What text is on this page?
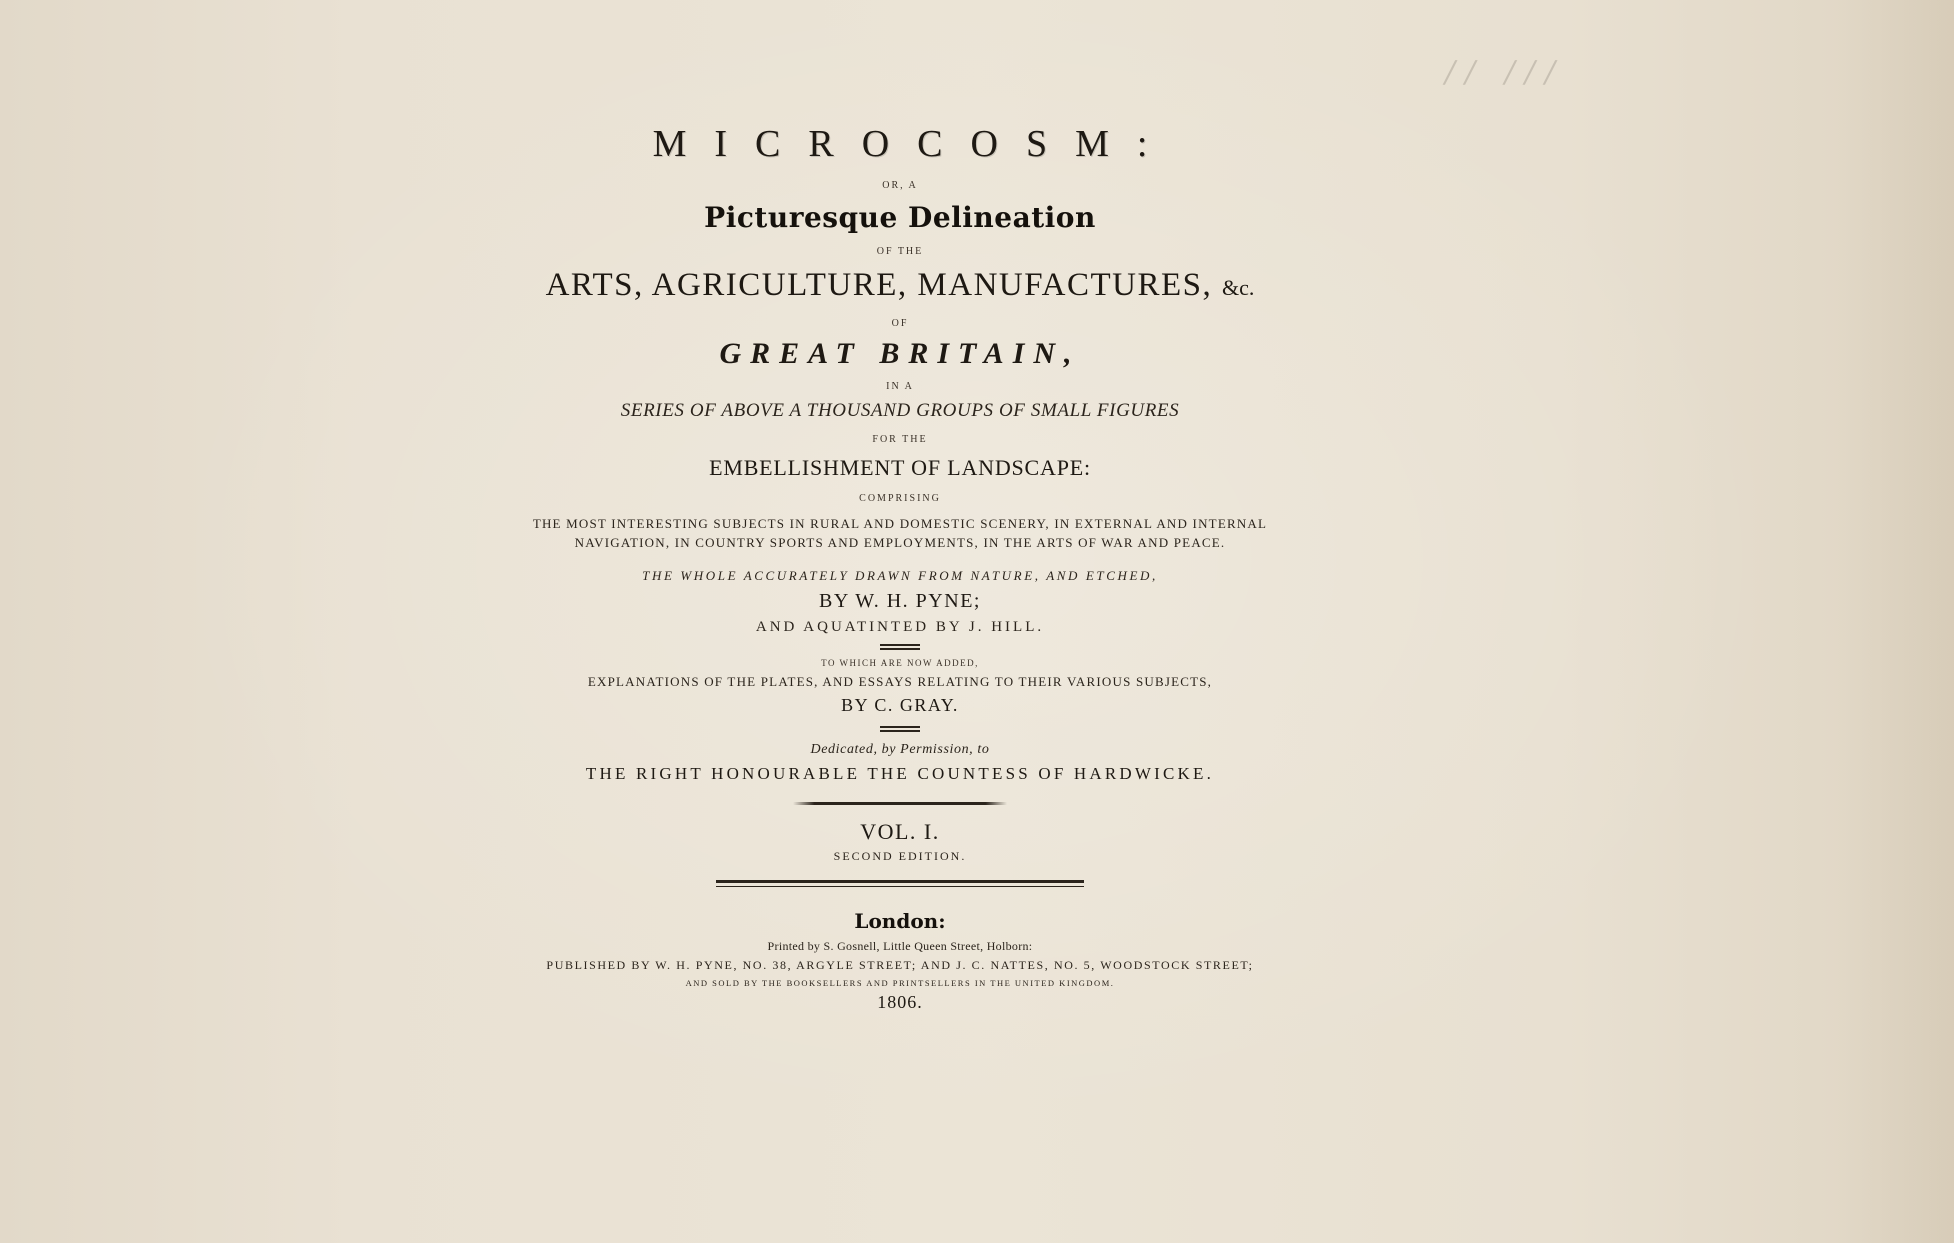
∕∕ ∕∕∕
MICROCOSM:
OR, A
Picturesque Delineation
OF THE
ARTS, AGRICULTURE, MANUFACTURES, &c.
OF
GREAT BRITAIN,
IN A
SERIES OF ABOVE A THOUSAND GROUPS OF SMALL FIGURES
FOR THE
EMBELLISHMENT OF LANDSCAPE:
COMPRISING
THE MOST INTERESTING SUBJECTS IN RURAL AND DOMESTIC SCENERY, IN EXTERNAL AND INTERNAL
NAVIGATION, IN COUNTRY SPORTS AND EMPLOYMENTS, IN THE ARTS OF WAR AND PEACE.
THE WHOLE ACCURATELY DRAWN FROM NATURE, AND ETCHED,
BY W. H. PYNE;
AND AQUATINTED BY J. HILL.
TO WHICH ARE NOW ADDED,
EXPLANATIONS OF THE PLATES, AND ESSAYS RELATING TO THEIR VARIOUS SUBJECTS,
BY C. GRAY.
Dedicated, by Permission, to
THE RIGHT HONOURABLE THE COUNTESS OF HARDWICKE.
VOL. I.
SECOND EDITION.
London:
Printed by S. Gosnell, Little Queen Street, Holborn:
PUBLISHED BY W. H. PYNE, NO. 38, ARGYLE STREET; AND J. C. NATTES, NO. 5, WOODSTOCK STREET;
AND SOLD BY THE BOOKSELLERS AND PRINTSELLERS IN THE UNITED KINGDOM.
1806.
